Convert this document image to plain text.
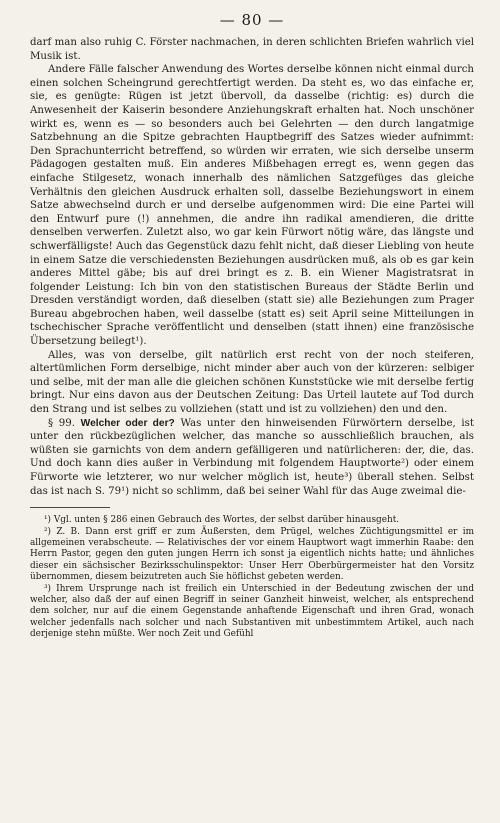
— 80 —

darf man also ruhig C. Förster nachmachen, in deren schlichten Briefen wahrlich viel Musik ist.

Andere Fälle falscher Anwendung des Wortes derselbe können nicht einmal durch einen solchen Scheingrund gerechtfertigt werden. Da steht es, wo das einfache er, sie, es genügte: Rügen ist jetzt übervoll, da dasselbe (richtig: es) durch die Anwesenheit der Kaiserin besondere Anziehungskraft erhalten hat. Noch unschöner wirkt es, wenn es — so besonders auch bei Gelehrten — den durch langatmige Satzbehnung an die Spitze gebrachten Hauptbegriff des Satzes wieder aufnimmt: Den Sprachunterricht betreffend, so würden wir erraten, wie sich derselbe unserm Pädagogen gestalten muß. Ein anderes Mißbehagen erregt es, wenn gegen das einfache Stilgesetz, wonach innerhalb des nämlichen Satzgefüges das gleiche Verhältnis den gleichen Ausdruck erhalten soll, dasselbe Beziehungswort in einem Satze abwechselnd durch er und derselbe aufgenommen wird: Die eine Partei will den Entwurf pure (!) annehmen, die andre ihn radikal amendieren, die dritte denselben verwerfen. Zuletzt also, wo gar kein Fürwort nötig wäre, das längste und schwerfälligste! Auch das Gegenstück dazu fehlt nicht, daß dieser Liebling von heute in einem Satze die verschiedensten Beziehungen ausdrücken muß, als ob es gar kein anderes Mittel gäbe; bis auf drei bringt es z. B. ein Wiener Magistratsrat in folgender Leistung: Ich bin von den statistischen Bureaus der Städte Berlin und Dresden verständigt worden, daß dieselben (statt sie) alle Beziehungen zum Prager Bureau abgebrochen haben, weil dasselbe (statt es) seit April seine Mitteilungen in tschechischer Sprache veröffentlicht und denselben (statt ihnen) eine französische Übersetzung beilegt¹).

Alles, was von derselbe, gilt natürlich erst recht von der noch steiferen, altertümlichen Form derselbige, nicht minder aber auch von der kürzeren: selbiger und selbe, mit der man alle die gleichen schönen Kunststücke wie mit derselbe fertig bringt. Nur eins davon aus der Deutschen Zeitung: Das Urteil lautete auf Tod durch den Strang und ist selbes zu vollziehen (statt und ist zu vollziehen) den und den.

§ 99. Welcher oder der? Was unter den hinweisenden Fürwörtern derselbe, ist unter den rückbezüglichen welcher, das manche so ausschließlich brauchen, als wüßten sie garnichts von dem andern gefälligeren und natürlicheren: der, die, das. Und doch kann dies außer in Verbindung mit folgendem Hauptworte²) oder einem Fürworte wie letzterer, wo nur welcher möglich ist, heute³) überall stehen. Selbst das ist nach S. 79¹) nicht so schlimm, daß bei seiner Wahl für das Auge zweimal die-

¹) Vgl. unten § 286 einen Gebrauch des Wortes, der selbst darüber hinausgeht.

²) Z. B. Dann erst griff er zum Äußersten, dem Prügel, welches Züchtigungsmittel er im allgemeinen verabscheute. — Relativisches der vor einem Hauptwort wagt immerhin Raabe: den Herrn Pastor, gegen den guten jungen Herrn ich sonst ja eigentlich nichts hatte; und ähnliches dieser ein sächsischer Bezirksschulinspektor: Unser Herr Oberbürgermeister hat den Vorsitz übernommen, diesem beizutreten auch Sie höflichst gebeten werden.

³) Ihrem Ursprunge nach ist freilich ein Unterschied in der Bedeutung zwischen der und welcher, also daß der auf einen Begriff in seiner Ganzheit hinweist, welcher, als entsprechend dem solcher, nur auf die einem Gegenstande anhaftende Eigenschaft und ihren Grad, wonach welcher jedenfalls nach solcher und nach Substantiven mit unbestimmtem Artikel, auch nach derjenige stehn müßte. Wer noch Zeit und Gefühl
